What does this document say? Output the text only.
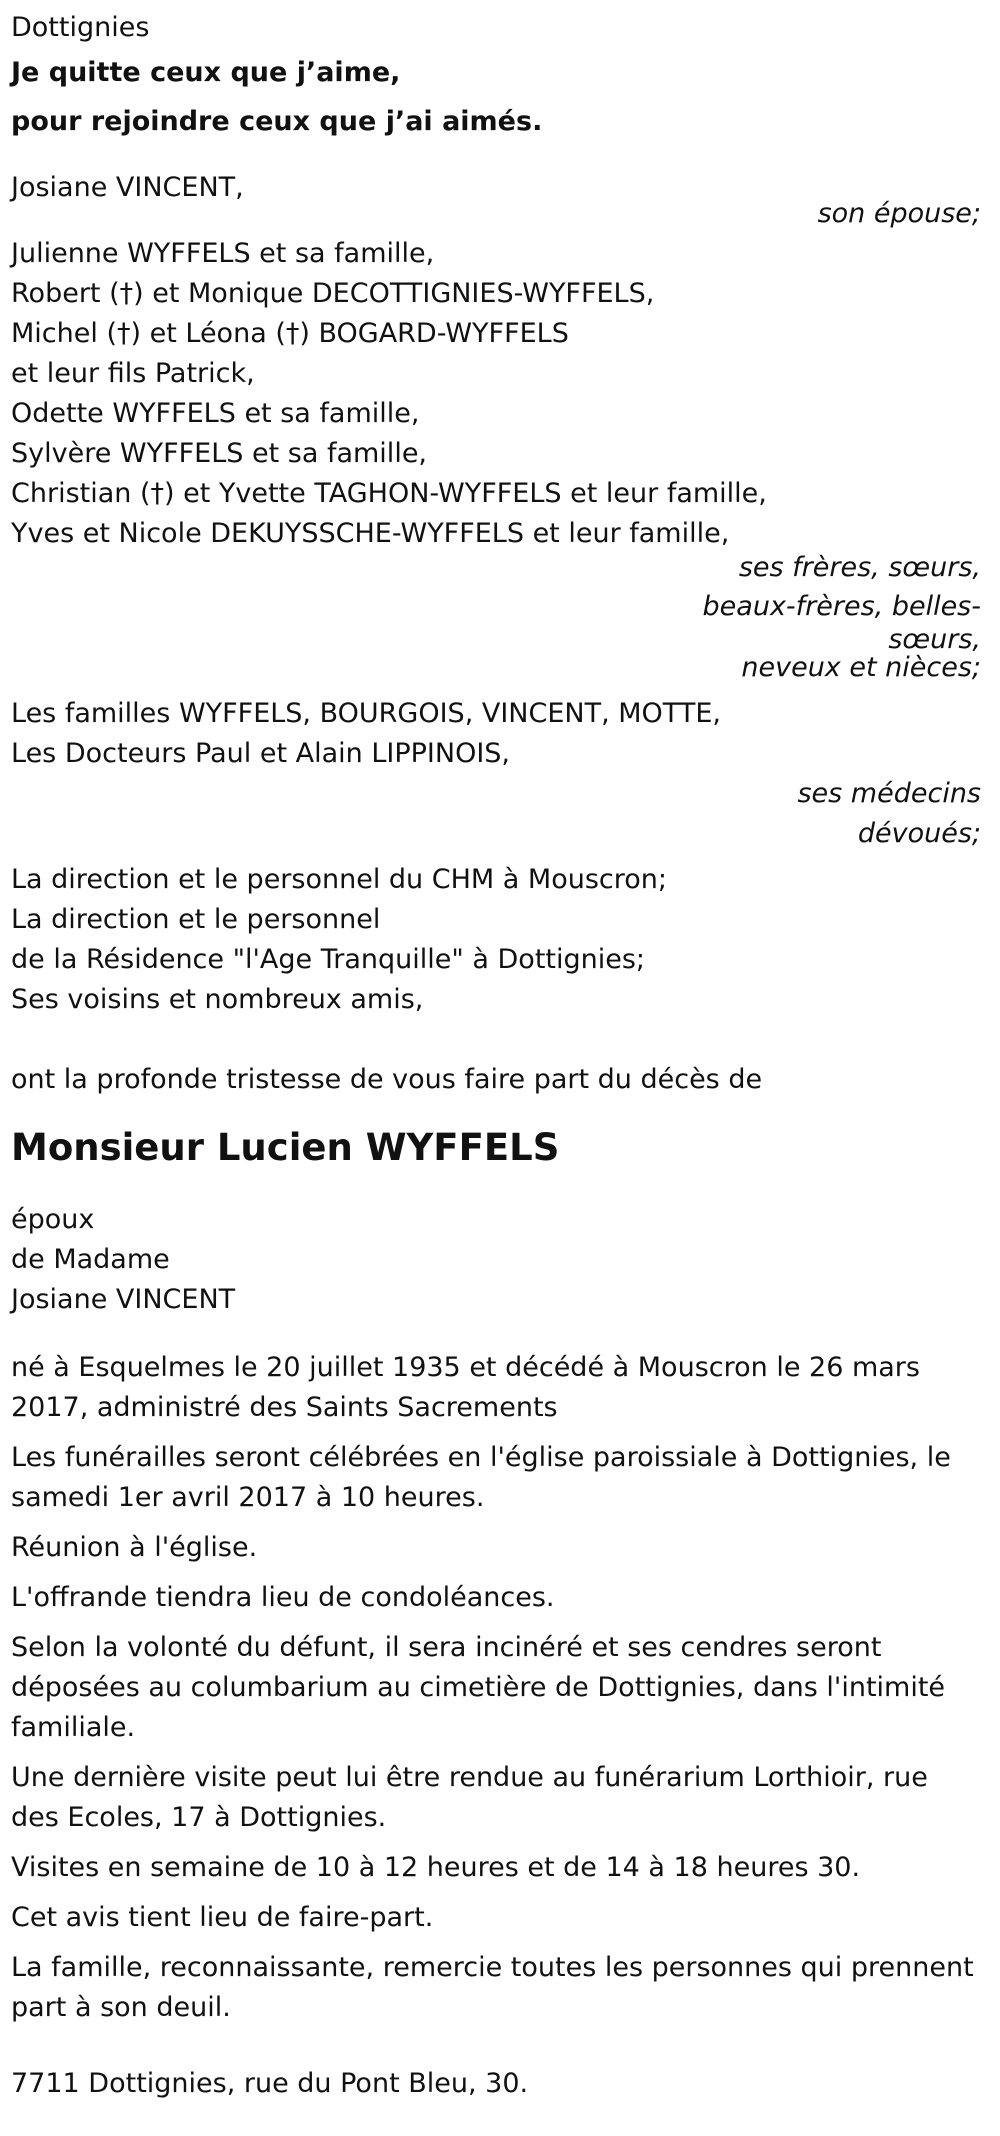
Dottignies
Je quitte ceux que j’aime,
pour rejoindre ceux que j’ai aimés.
Josiane VINCENT,
son épouse;
Julienne WYFFELS et sa famille,
Robert (†) et Monique DECOTTIGNIES-WYFFELS,
Michel (†) et Léona (†) BOGARD-WYFFELS
et leur fils Patrick,
Odette WYFFELS et sa famille,
Sylvère WYFFELS et sa famille,
Christian (†) et Yvette TAGHON-WYFFELS et leur famille,
Yves et Nicole DEKUYSSCHE-WYFFELS et leur famille,
ses frères, sœurs,
beaux-frères, belles-
sœurs,
neveux et nièces;
Les familles WYFFELS, BOURGOIS, VINCENT, MOTTE,
Les Docteurs Paul et Alain LIPPINOIS,
ses médecins
dévoués;
La direction et le personnel du CHM à Mouscron;
La direction et le personnel
de la Résidence "l'Age Tranquille" à Dottignies;
Ses voisins et nombreux amis,
ont la profonde tristesse de vous faire part du décès de
Monsieur Lucien WYFFELS
époux
de Madame
Josiane VINCENT
né à Esquelmes le 20 juillet 1935 et décédé à Mouscron le 26 mars 2017, administré des Saints Sacrements
Les funérailles seront célébrées en l'église paroissiale à Dottignies, le samedi 1er avril 2017 à 10 heures.
Réunion à l'église.
L'offrande tiendra lieu de condoléances.
Selon la volonté du défunt, il sera incinéré et ses cendres seront déposées au columbarium au cimetière de Dottignies, dans l'intimité familiale.
Une dernière visite peut lui être rendue au funérarium Lorthioir, rue des Ecoles, 17 à Dottignies.
Visites en semaine de 10 à 12 heures et de 14 à 18 heures 30.
Cet avis tient lieu de faire-part.
La famille, reconnaissante, remercie toutes les personnes qui prennent part à son deuil.
7711 Dottignies, rue du Pont Bleu, 30.
